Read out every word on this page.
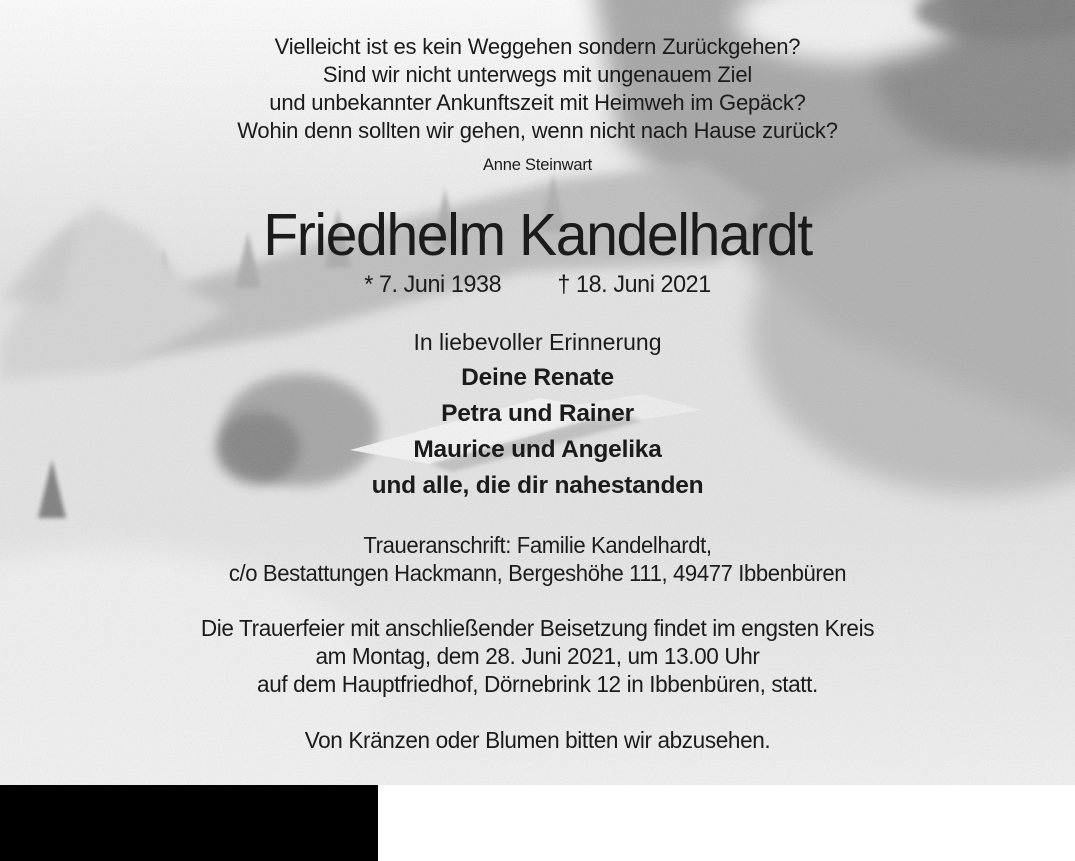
Vielleicht ist es kein Weggehen sondern Zurückgehen?
Sind wir nicht unterwegs mit ungenauem Ziel
und unbekannter Ankunftszeit mit Heimweh im Gepäck?
Wohin denn sollten wir gehen, wenn nicht nach Hause zurück?
Anne Steinwart
Friedhelm Kandelhardt
* 7. Juni 1938 † 18. Juni 2021
In liebevoller Erinnerung
Deine Renate
Petra und Rainer
Maurice und Angelika
und alle, die dir nahestanden
Traueranschrift: Familie Kandelhardt,
c/o Bestattungen Hackmann, Bergeshöhe 111, 49477 Ibbenbüren
Die Trauerfeier mit anschließender Beisetzung findet im engsten Kreis
am Montag, dem 28. Juni 2021, um 13.00 Uhr
auf dem Hauptfriedhof, Dörnebrink 12 in Ibbenbüren, statt.
Von Kränzen oder Blumen bitten wir abzusehen.
